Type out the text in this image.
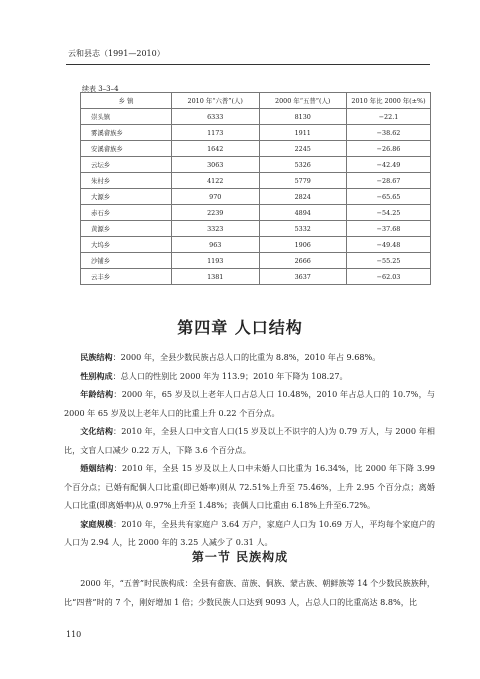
云和县志（1991—2010）
续表 3–3–4
乡 镇	2010 年“六普”(人)	2000 年“五普”(人)	2010 年比 2000 年(±%)
崇头镇	6333	8130	−22.1
雾溪畲族乡	1173	1911	−38.62
安溪畲族乡	1642	2245	−26.86
云坛乡	3063	5326	−42.49
朱村乡	4122	5779	−28.67
大源乡	970	2824	−65.65
赤石乡	2239	4894	−54.25
黄源乡	3323	5332	−37.68
大坞乡	963	1906	−49.48
沙铺乡	1193	2666	−55.25
云丰乡	1381	3637	−62.03
第四章 人口结构

民族结构：2000 年，全县少数民族占总人口的比重为 8.8%，2010 年占 9.68%。

性别构成：总人口的性别比 2000 年为 113.9；2010 年下降为 108.27。

年龄结构：2000 年，65 岁及以上老年人口占总人口 10.48%，2010 年占总人口的 10.7%，与 2000 年 65 岁及以上老年人口的比重上升 0.22 个百分点。

文化结构：2010 年，全县人口中文盲人口(15 岁及以上不识字的人)为 0.79 万人，与 2000 年相比，文盲人口减少 0.22 万人，下降 3.6 个百分点。

婚姻结构：2010 年，全县 15 岁及以上人口中未婚人口比重为 16.34%，比 2000 年下降 3.99 个百分点；已婚有配偶人口比重(即已婚率)则从 72.51%上升至 75.46%，上升 2.95 个百分点；离婚人口比重(即离婚率)从 0.97%上升至 1.48%；丧偶人口比重由 6.18%上升至6.72%。

家庭规模：2010 年，全县共有家庭户 3.64 万户，家庭户人口为 10.69 万人，平均每个家庭户的人口为 2.94 人，比 2000 年的 3.25 人减少了 0.31 人。

第一节 民族构成

2000 年，“五普”时民族构成：全县有畲族、苗族、侗族、蒙古族、朝鲜族等 14 个少数民族族种，比“四普”时的 7 个，刚好增加 1 倍；少数民族人口达到 9093 人，占总人口的比重高达 8.8%，比

110
